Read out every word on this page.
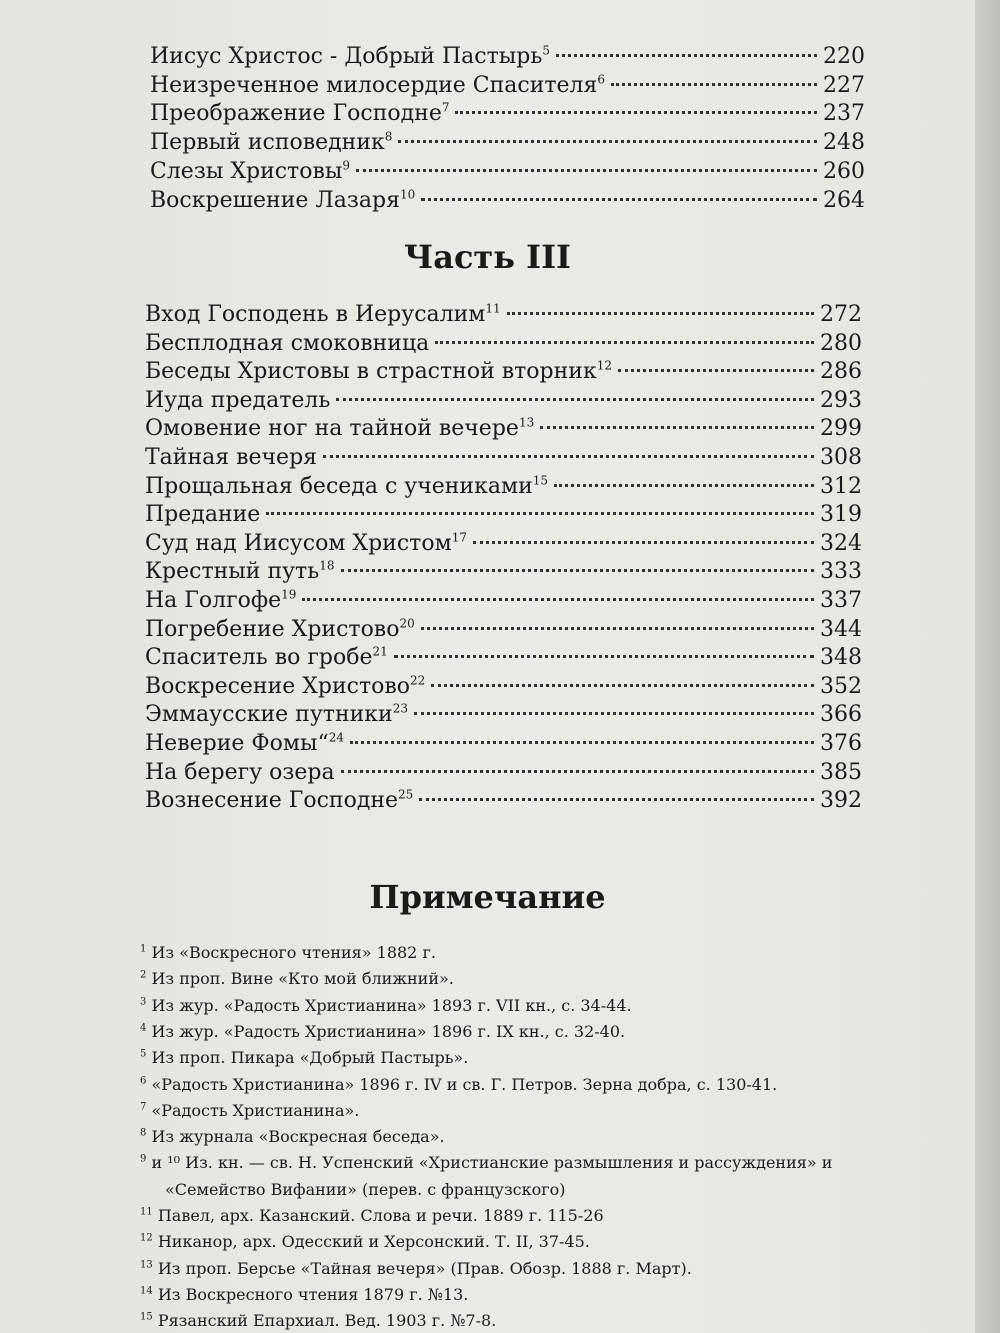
Иисус Христос - Добрый Пастырь$^5$	220
Неизреченное милосердие Спасителя$^6$	227
Преображение Господне$^7$	237
Первый исповедник$^8$	248
Слезы Христовы$^9$	260
Воскрешение Лазаря$^{10}$	264
Вход Господень в Иерусалим$^{11}$	272
Бесплодная смоковница	280
Беседы Христовы в страстной вторник$^{12}$	286
Иуда предатель	293
Омовение ног на тайной вечере$^{13}$	299
Тайная вечеря	308
Прощальная беседа с учениками$^{15}$	312
Предание	319
Суд над Иисусом Христом$^{17}$	324
Крестный путь$^{18}$	333
На Голгофе$^{19}$	337
Погребение Христово$^{20}$	344
Спаситель во гробе$^{21}$	348
Воскресение Христово$^{22}$	352
Эммаусские путники$^{23}$	366
Неверие Фомы“$^{24}$	376
На берегу озера	385
Вознесение Господне$^{25}$	392
Часть III
Примечание
$^1$ Из «Воскресного чтения» 1882 г.
$^2$ Из проп. Вине «Кто мой ближний».
$^3$ Из жур. «Радость Христианина» 1893 г. VII кн., с. 34-44.
$^4$ Из жур. «Радость Христианина» 1896 г. IX кн., с. 32-40.
$^5$ Из проп. Пикара «Добрый Пастырь».
$^6$ «Радость Христианина» 1896 г. IV и св. Г. Петров. Зерна добра, с. 130-41.
$^7$ «Радость Христианина».
$^8$ Из журнала «Воскресная беседа».
$^9$ и ¹⁰ Из. кн. — св. Н. Успенский «Христианские размышления и рассуждения» и
«Семейство Вифании» (перев. с французского)
$^{11}$ Павел, арх. Казанский. Слова и речи. 1889 г. 115-26
$^{12}$ Никанор, арх. Одесский и Херсонский. Т. II, 37-45.
$^{13}$ Из проп. Берсье «Тайная вечеря» (Прав. Обозр. 1888 г. Март).
$^{14}$ Из Воскресного чтения 1879 г. №13.
$^{15}$ Рязанский Епархиал. Вед. 1903 г. №7-8.
